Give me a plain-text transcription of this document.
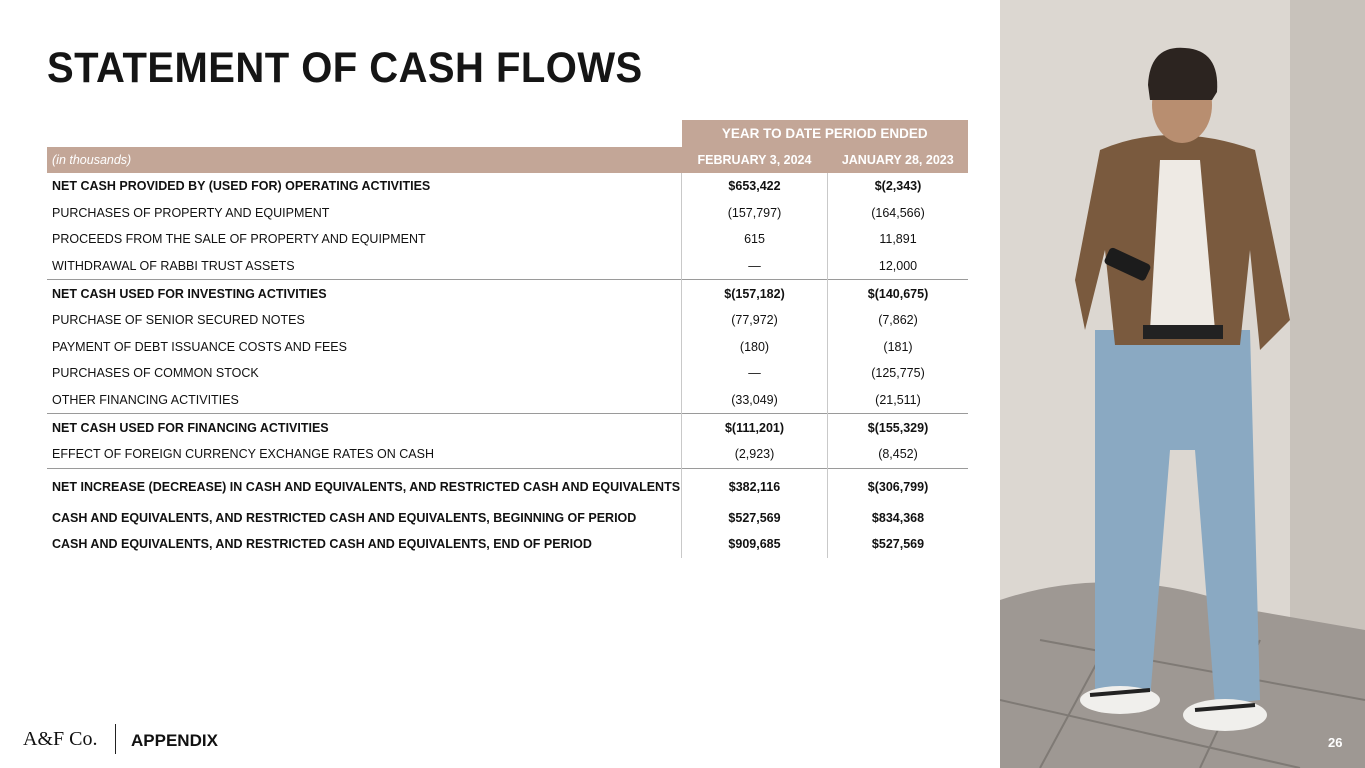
STATEMENT OF CASH FLOWS
	YEAR TO DATE PERIOD ENDED	
(in thousands)	FEBRUARY 3, 2024	JANUARY 28, 2023
NET CASH PROVIDED BY (USED FOR) OPERATING ACTIVITIES	$653,422	$(2,343)
PURCHASES OF PROPERTY AND EQUIPMENT	(157,797)	(164,566)
PROCEEDS FROM THE SALE OF PROPERTY AND EQUIPMENT	615	11,891
WITHDRAWAL OF RABBI TRUST ASSETS	—	12,000
NET CASH USED FOR INVESTING ACTIVITIES	$(157,182)	$(140,675)
PURCHASE OF SENIOR SECURED NOTES	(77,972)	(7,862)
PAYMENT OF DEBT ISSUANCE COSTS AND FEES	(180)	(181)
PURCHASES OF COMMON STOCK	—	(125,775)
OTHER FINANCING ACTIVITIES	(33,049)	(21,511)
NET CASH USED FOR FINANCING ACTIVITIES	$(111,201)	$(155,329)
EFFECT OF FOREIGN CURRENCY EXCHANGE RATES ON CASH	(2,923)	(8,452)
NET INCREASE (DECREASE) IN CASH AND EQUIVALENTS, AND RESTRICTED CASH AND EQUIVALENTS	$382,116	$(306,799)
CASH AND EQUIVALENTS, AND RESTRICTED CASH AND EQUIVALENTS, BEGINNING OF PERIOD	$527,569	$834,368
CASH AND EQUIVALENTS, AND RESTRICTED CASH AND EQUIVALENTS, END OF PERIOD	$909,685	$527,569
26
A&F Co. APPENDIX
